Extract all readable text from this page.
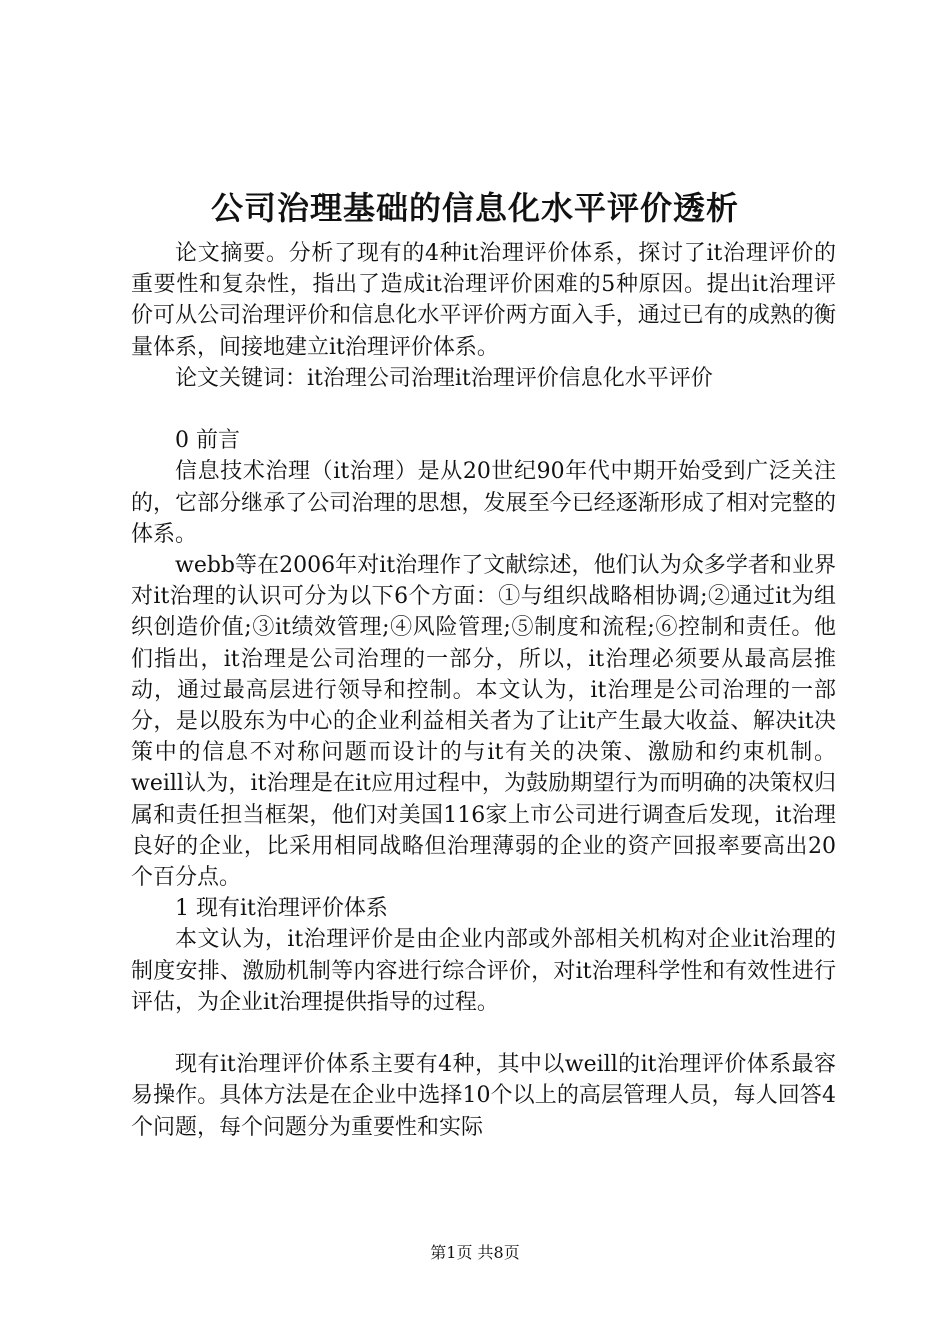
公司治理基础的信息化水平评价透析

论文摘要。分析了现有的4种it治理评价体系，探讨了it治理评价的重要性和复杂性，指出了造成it治理评价困难的5种原因。提出it治理评价可从公司治理评价和信息化水平评价两方面入手，通过已有的成熟的衡量体系，间接地建立it治理评价体系。

论文关键词：it治理公司治理it治理评价信息化水平评价

0 前言

信息技术治理（it治理）是从20世纪90年代中期开始受到广泛关注的，它部分继承了公司治理的思想，发展至今已经逐渐形成了相对完整的体系。

webb等在2006年对it治理作了文献综述，他们认为众多学者和业界对it治理的认识可分为以下6个方面：①与组织战略相协调;②通过it为组织创造价值;③it绩效管理;④风险管理;⑤制度和流程;⑥控制和责任。他们指出，it治理是公司治理的一部分，所以，it治理必须要从最高层推动，通过最高层进行领导和控制。本文认为，it治理是公司治理的一部分，是以股东为中心的企业利益相关者为了让it产生最大收益、解决it决策中的信息不对称问题而设计的与it有关的决策、激励和约束机制。weill认为，it治理是在it应用过程中，为鼓励期望行为而明确的决策权归属和责任担当框架，他们对美国116家上市公司进行调查后发现，it治理良好的企业，比采用相同战略但治理薄弱的企业的资产回报率要高出20个百分点。

1 现有it治理评价体系

本文认为，it治理评价是由企业内部或外部相关机构对企业it治理的制度安排、激励机制等内容进行综合评价，对it治理科学性和有效性进行评估，为企业it治理提供指导的过程。

现有it治理评价体系主要有4种，其中以weill的it治理评价体系最容易操作。具体方法是在企业中选择10个以上的高层管理人员，每人回答4个问题，每个问题分为重要性和实际

第1页 共8页
